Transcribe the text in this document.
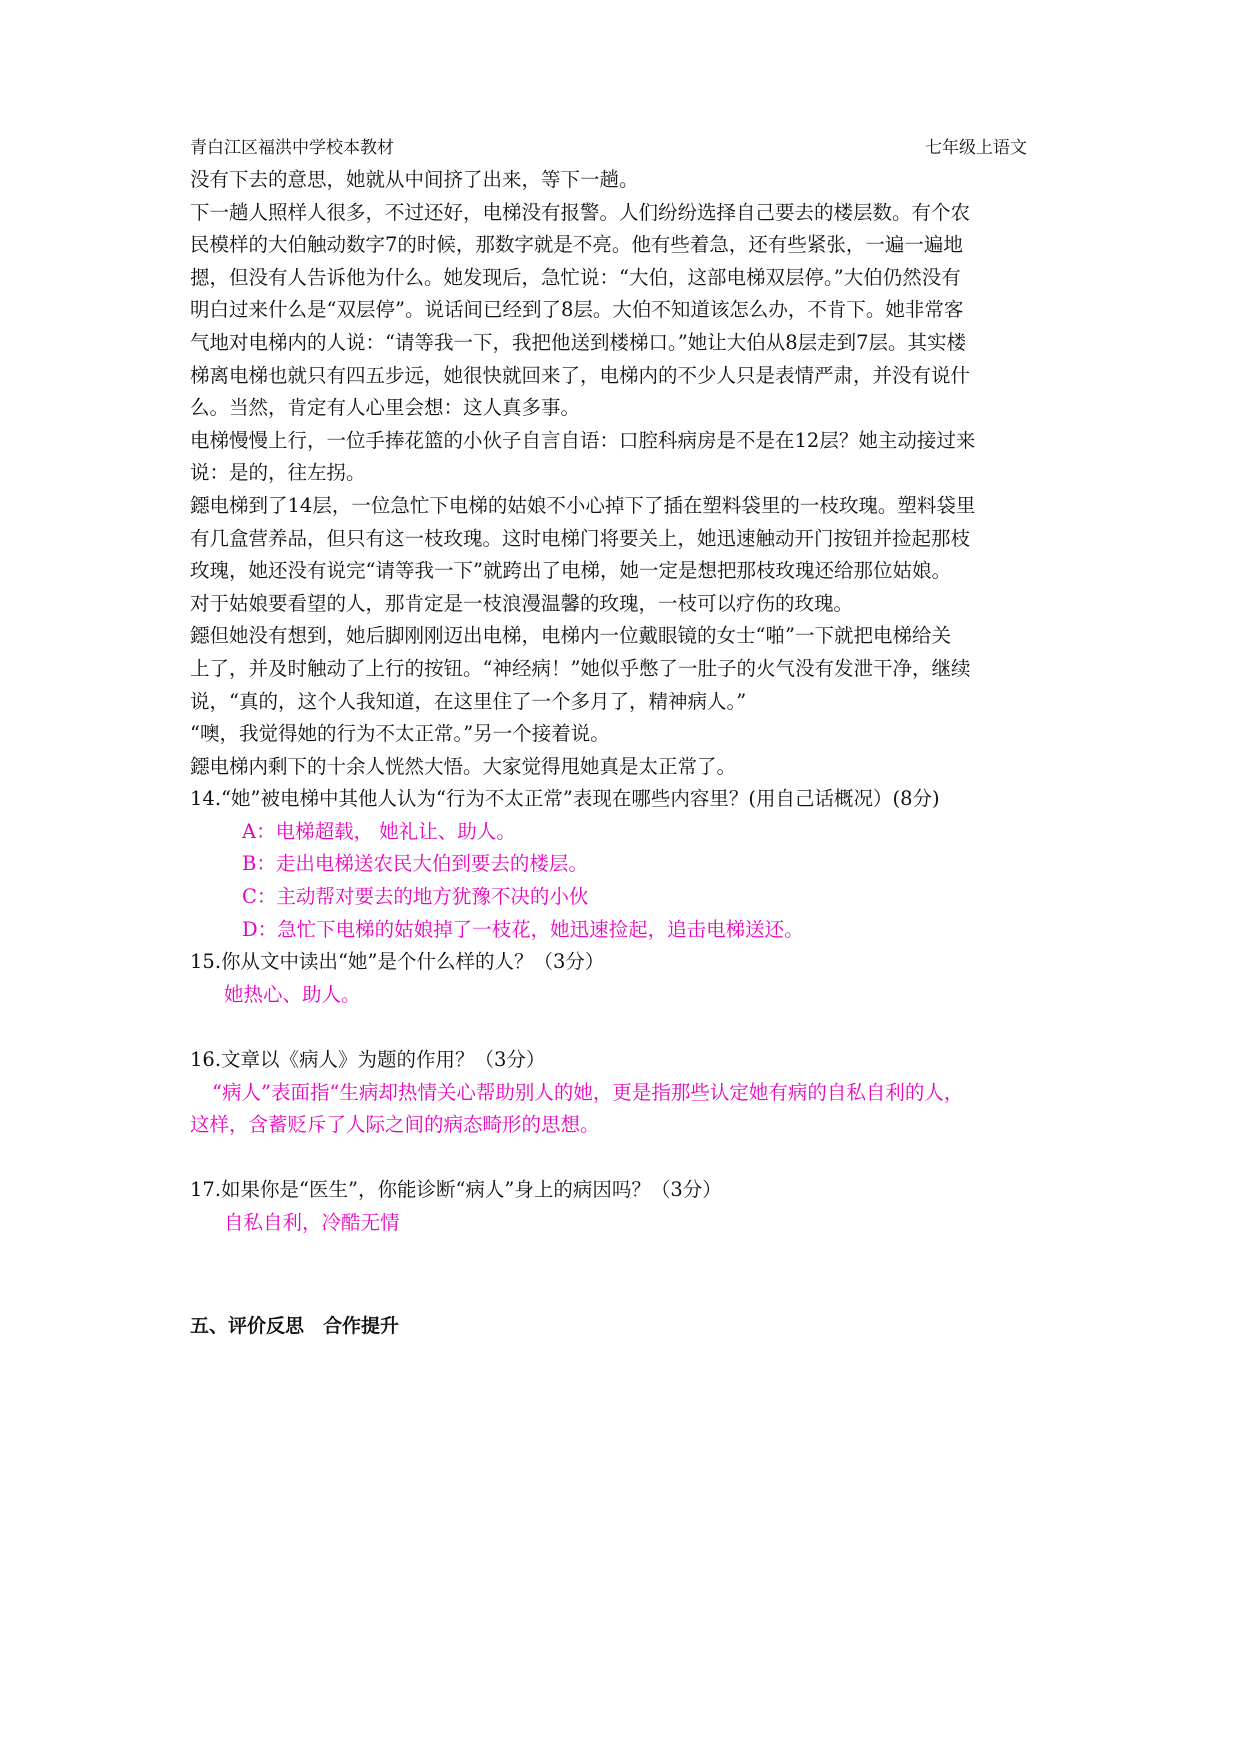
青白江区福洪中学校本教材	七年级上语文
没有下去的意思，她就从中间挤了出来，等下一趟。
下一趟人照样人很多，不过还好，电梯没有报警。人们纷纷选择自己要去的楼层数。有个农
民模样的大伯触动数字7的时候，那数字就是不亮。他有些着急，还有些紧张，一遍一遍地
摁，但没有人告诉他为什么。她发现后，急忙说：“大伯，这部电梯双层停。”大伯仍然没有
明白过来什么是“双层停”。说话间已经到了8层。大伯不知道该怎么办，不肯下。她非常客
气地对电梯内的人说：“请等我一下，我把他送到楼梯口。”她让大伯从8层走到7层。其实楼
梯离电梯也就只有四五步远，她很快就回来了，电梯内的不少人只是表情严肃，并没有说什
么。当然，肯定有人心里会想：这人真多事。
电梯慢慢上行，一位手捧花篮的小伙子自言自语：口腔科病房是不是在12层？她主动接过来
说：是的，往左拐。
鐚电梯到了14层，一位急忙下电梯的姑娘不小心掉下了插在塑料袋里的一枝玫瑰。塑料袋里
有几盒营养品，但只有这一枝玫瑰。这时电梯门将要关上，她迅速触动开门按钮并捡起那枝
玫瑰，她还没有说完“请等我一下”就跨出了电梯，她一定是想把那枝玫瑰还给那位姑娘。
对于姑娘要看望的人，那肯定是一枝浪漫温馨的玫瑰，一枝可以疗伤的玫瑰。
鐚但她没有想到，她后脚刚刚迈出电梯，电梯内一位戴眼镜的女士“啪”一下就把电梯给关
上了，并及时触动了上行的按钮。“神经病！”她似乎憋了一肚子的火气没有发泄干净，继续
说，“真的，这个人我知道，在这里住了一个多月了，精神病人。”
“噢，我觉得她的行为不太正常。”另一个接着说。
鐚电梯内剩下的十余人恍然大悟。大家觉得甩她真是太正常了。
14.“她”被电梯中其他人认为“行为不太正常”表现在哪些内容里？(用自己话概况）(8分)
A：电梯超载， 她礼让、助人。
B：走出电梯送农民大伯到要去的楼层。
C：主动帮对要去的地方犹豫不决的小伙
D：急忙下电梯的姑娘掉了一枝花，她迅速捡起，追击电梯送还。
15.你从文中读出“她”是个什么样的人？（3分）
她热心、助人。
16.文章以《病人》为题的作用？（3分）
“病人”表面指“生病却热情关心帮助别人的她，更是指那些认定她有病的自私自利的人，
这样，含蓄贬斥了人际之间的病态畸形的思想。
17.如果你是“医生”，你能诊断“病人”身上的病因吗？（3分）
自私自利，冷酷无情
五、评价反思　合作提升
